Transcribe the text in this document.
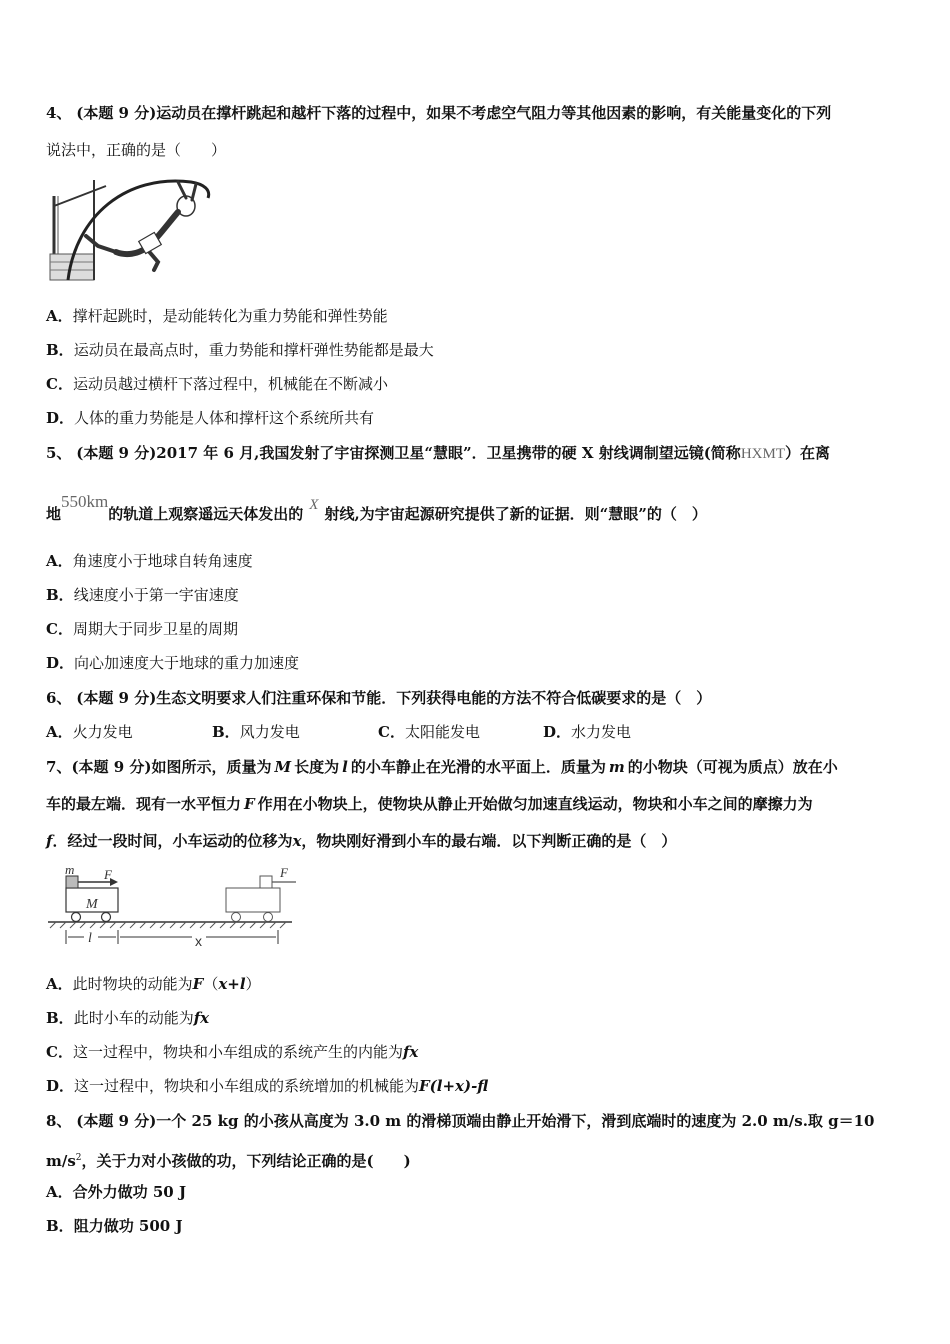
4、 (本题 9 分)运动员在撑杆跳起和越杆下落的过程中，如果不考虑空气阻力等其他因素的影响，有关能量变化的下列
说法中，正确的是（　　）
A．撑杆起跳时，是动能转化为重力势能和弹性势能
B．运动员在最高点时，重力势能和撑杆弹性势能都是最大
C．运动员越过横杆下落过程中，机械能在不断减小
D．人体的重力势能是人体和撑杆这个系统所共有
5、 (本题 9 分)2017 年 6 月,我国发射了宇宙探测卫星“慧眼”．卫星携带的硬 X 射线调制望远镜(简称HXMT）在离
地550km的轨道上观察遥远天体发出的 X 射线,为宇宙起源研究提供了新的证据．则“慧眼”的（　）
A．角速度小于地球自转角速度
B．线速度小于第一宇宙速度
C．周期大于同步卫星的周期
D．向心加速度大于地球的重力加速度
6、 (本题 9 分)生态文明要求人们注重环保和节能．下列获得电能的方法不符合低碳要求的是（　）
A．火力发电	B．风力发电	C．太阳能发电	D．水力发电
7、(本题 9 分)如图所示，质量为 M 长度为 l 的小车静止在光滑的水平面上．质量为 m 的小物块（可视为质点）放在小
车的最左端．现有一水平恒力 F 作用在小物块上，使物块从静止开始做匀加速直线运动，物块和小车之间的摩擦力为
f．经过一段时间，小车运动的位移为x，物块刚好滑到小车的最右端．以下判断正确的是（　）
m F
M
F
l	x
A．此时物块的动能为F（x+l）
B．此时小车的动能为fx
C．这一过程中，物块和小车组成的系统产生的内能为fx
D．这一过程中，物块和小车组成的系统增加的机械能为F(l+x)-fl
8、 (本题 9 分)一个 25 kg 的小孩从高度为 3.0 m 的滑梯顶端由静止开始滑下，滑到底端时的速度为 2.0 m/s.取 g＝10
$m/s^2$，关于力对小孩做的功，下列结论正确的是(　　)
A．合外力做功 50 J
B．阻力做功 500 J
